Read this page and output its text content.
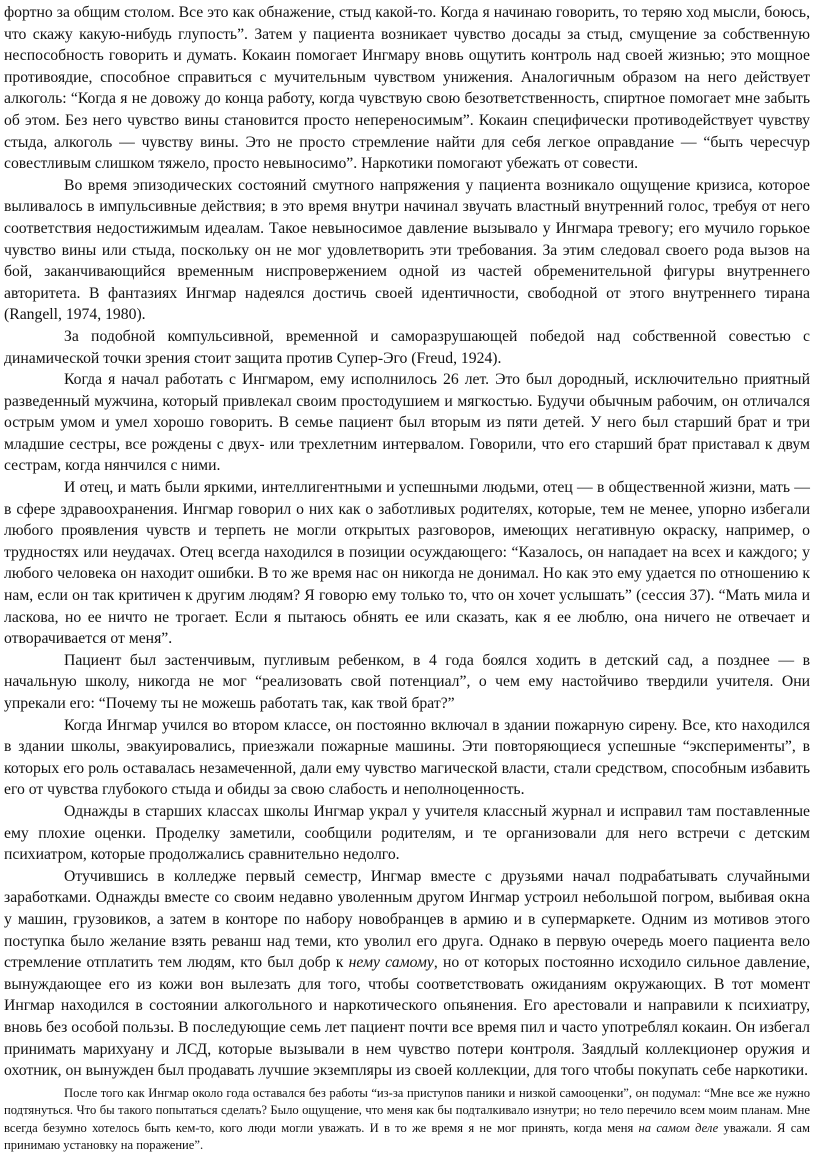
фортно за общим столом. Все это как обнажение, стыд какой-то. Когда я начинаю говорить, то теряю ход мысли, боюсь, что скажу какую-нибудь глупость”. Затем у пациента возникает чувство досады за стыд, смущение за собственную неспособность говорить и думать. Кокаин помогает Ингмару вновь ощутить контроль над своей жизнью; это мощное противоядие, способное справиться с мучительным чувством унижения. Аналогичным образом на него действует алкоголь: “Когда я не довожу до конца работу, когда чувствую свою безответственность, спиртное помогает мне забыть об этом. Без него чувство вины становится просто непереносимым”. Кокаин специфически противодействует чувству стыда, алкоголь — чувству вины. Это не просто стремление найти для себя легкое оправдание — “быть чересчур совестливым слишком тяжело, просто невыносимо”. Наркотики помогают убежать от совести.

Во время эпизодических состояний смутного напряжения у пациента возникало ощущение кризиса, которое выливалось в импульсивные действия; в это время внутри начинал звучать властный внутренний голос, требуя от него соответствия недостижимым идеалам. Такое невыносимое давление вызывало у Ингмара тревогу; его мучило горькое чувство вины или стыда, поскольку он не мог удовлетворить эти требования. За этим следовал своего рода вызов на бой, заканчивающийся временным ниспровержением одной из частей обременительной фигуры внутреннего авторитета. В фантазиях Ингмар надеялся достичь своей идентичности, свободной от этого внутреннего тирана (Rangell, 1974, 1980).

За подобной компульсивной, временной и саморазрушающей победой над собственной совестью с динамической точки зрения стоит защита против Супер-Эго (Freud, 1924).

Когда я начал работать с Ингмаром, ему исполнилось 26 лет. Это был дородный, исключительно приятный разведенный мужчина, который привлекал своим простодушием и мягкостью. Будучи обычным рабочим, он отличался острым умом и умел хорошо говорить. В семье пациент был вторым из пяти детей. У него был старший брат и три младшие сестры, все рождены с двух- или трехлетним интервалом. Говорили, что его старший брат приставал к двум сестрам, когда нянчился с ними.

И отец, и мать были яркими, интеллигентными и успешными людьми, отец — в общественной жизни, мать — в сфере здравоохранения. Ингмар говорил о них как о заботливых родителях, которые, тем не менее, упорно избегали любого проявления чувств и терпеть не могли открытых разговоров, имеющих негативную окраску, например, о трудностях или неудачах. Отец всегда находился в позиции осуждающего: “Казалось, он нападает на всех и каждого; у любого человека он находит ошибки. В то же время нас он никогда не донимал. Но как это ему удается по отношению к нам, если он так критичен к другим людям? Я говорю ему только то, что он хочет услышать” (сессия 37). “Мать мила и ласкова, но ее ничто не трогает. Если я пытаюсь обнять ее или сказать, как я ее люблю, она ничего не отвечает и отворачивается от меня”.

Пациент был застенчивым, пугливым ребенком, в 4 года боялся ходить в детский сад, а позднее — в начальную школу, никогда не мог “реализовать свой потенциал”, о чем ему настойчиво твердили учителя. Они упрекали его: “Почему ты не можешь работать так, как твой брат?”

Когда Ингмар учился во втором классе, он постоянно включал в здании пожарную сирену. Все, кто находился в здании школы, эвакуировались, приезжали пожарные машины. Эти повторяющиеся успешные “эксперименты”, в которых его роль оставалась незамеченной, дали ему чувство магической власти, стали средством, способным избавить его от чувства глубокого стыда и обиды за свою слабость и неполноценность.

Однажды в старших классах школы Ингмар украл у учителя классный журнал и исправил там поставленные ему плохие оценки. Проделку заметили, сообщили родителям, и те организовали для него встречи с детским психиатром, которые продолжались сравнительно недолго.

Отучившись в колледже первый семестр, Ингмар вместе с друзьями начал подрабатывать случайными заработками. Однажды вместе со своим недавно уволенным другом Ингмар устроил небольшой погром, выбивая окна у машин, грузовиков, а затем в конторе по набору новобранцев в армию и в супермаркете. Одним из мотивов этого поступка было желание взять реванш над теми, кто уволил его друга. Однако в первую очередь моего пациента вело стремление отплатить тем людям, кто был добр к нему самому, но от которых постоянно исходило сильное давление, вынуждающее его из кожи вон вылезать для того, чтобы соответствовать ожиданиям окружающих. В тот момент Ингмар находился в состоянии алкогольного и наркотического опьянения. Его арестовали и направили к психиатру, вновь без особой пользы. В последующие семь лет пациент почти все время пил и часто употреблял кокаин. Он избегал принимать марихуану и ЛСД, которые вызывали в нем чувство потери контроля. Заядлый коллекционер оружия и охотник, он вынужден был продавать лучшие экземпляры из своей коллекции, для того чтобы покупать себе наркотики.

После того как Ингмар около года оставался без работы “из-за приступов паники и низкой самооценки”, он подумал: “Мне все же нужно подтянуться. Что бы такого попытаться сделать? Было ощущение, что меня как бы подталкивало изнутри; но тело перечило всем моим планам. Мне всегда безумно хотелось быть кем-то, кого люди могли уважать. И в то же время я не мог принять, когда меня на самом деле уважали. Я сам принимаю установку на поражение”.
